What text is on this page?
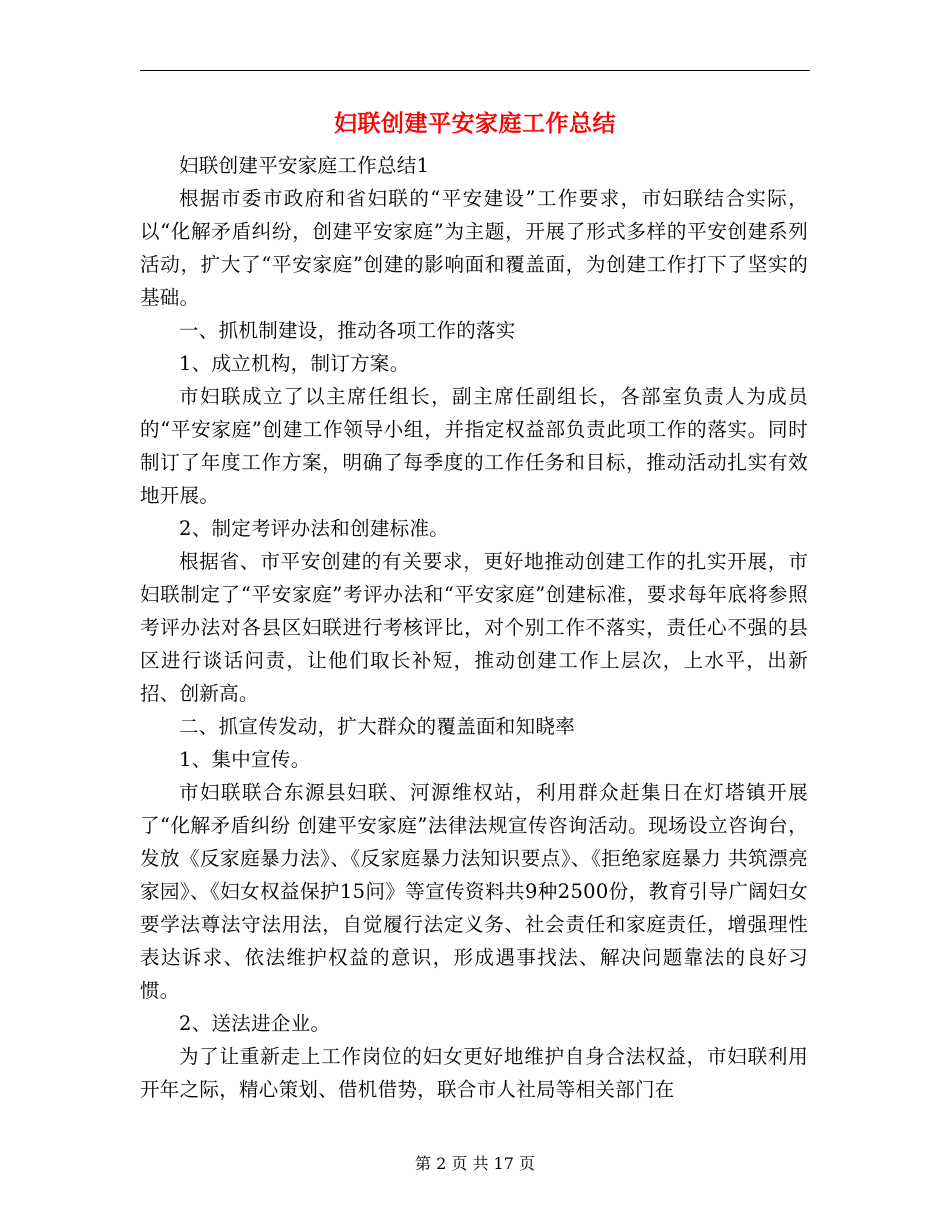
妇联创建平安家庭工作总结

妇联创建平安家庭工作总结1

根据市委市政府和省妇联的“平安建设”工作要求，市妇联结合实际，以“化解矛盾纠纷，创建平安家庭”为主题，开展了形式多样的平安创建系列活动，扩大了“平安家庭”创建的影响面和覆盖面，为创建工作打下了坚实的基础。

一、抓机制建设，推动各项工作的落实

1、成立机构，制订方案。

市妇联成立了以主席任组长，副主席任副组长，各部室负责人为成员的“平安家庭”创建工作领导小组，并指定权益部负责此项工作的落实。同时制订了年度工作方案，明确了每季度的工作任务和目标，推动活动扎实有效地开展。

2、制定考评办法和创建标准。

根据省、市平安创建的有关要求，更好地推动创建工作的扎实开展，市妇联制定了“平安家庭”考评办法和“平安家庭”创建标准，要求每年底将参照考评办法对各县区妇联进行考核评比，对个别工作不落实，责任心不强的县区进行谈话问责，让他们取长补短，推动创建工作上层次，上水平，出新招、创新高。

二、抓宣传发动，扩大群众的覆盖面和知晓率

1、集中宣传。

市妇联联合东源县妇联、河源维权站，利用群众赶集日在灯塔镇开展了“化解矛盾纠纷 创建平安家庭”法律法规宣传咨询活动。现场设立咨询台，发放《反家庭暴力法》、《反家庭暴力法知识要点》、《拒绝家庭暴力 共筑漂亮家园》、《妇女权益保护15问》等宣传资料共9种2500份，教育引导广阔妇女要学法尊法守法用法，自觉履行法定义务、社会责任和家庭责任，增强理性表达诉求、依法维护权益的意识，形成遇事找法、解决问题靠法的良好习惯。

2、送法进企业。

为了让重新走上工作岗位的妇女更好地维护自身合法权益，市妇联利用开年之际，精心策划、借机借势，联合市人社局等相关部门在

第 2 页 共 17 页
